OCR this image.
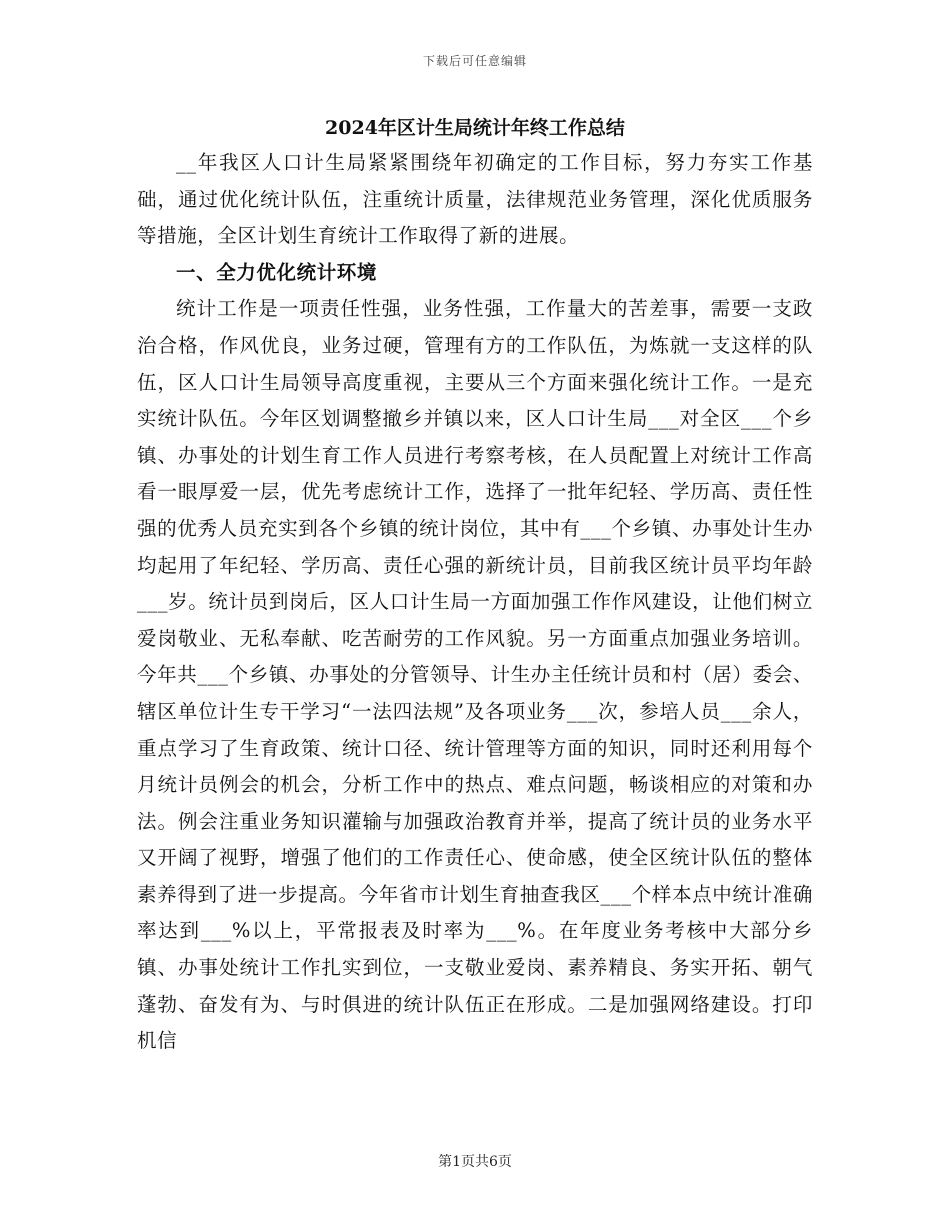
下载后可任意编辑
2024年区计生局统计年终工作总结

__年我区人口计生局紧紧围绕年初确定的工作目标，努力夯实工作基础，通过优化统计队伍，注重统计质量，法律规范业务管理，深化优质服务等措施，全区计划生育统计工作取得了新的进展。

一、全力优化统计环境

统计工作是一项责任性强，业务性强，工作量大的苦差事，需要一支政治合格，作风优良，业务过硬，管理有方的工作队伍，为炼就一支这样的队伍，区人口计生局领导高度重视，主要从三个方面来强化统计工作。一是充实统计队伍。今年区划调整撤乡并镇以来，区人口计生局___对全区___个乡镇、办事处的计划生育工作人员进行考察考核，在人员配置上对统计工作高看一眼厚爱一层，优先考虑统计工作，选择了一批年纪轻、学历高、责任性强的优秀人员充实到各个乡镇的统计岗位，其中有___个乡镇、办事处计生办均起用了年纪轻、学历高、责任心强的新统计员，目前我区统计员平均年龄___岁。统计员到岗后，区人口计生局一方面加强工作作风建设，让他们树立爱岗敬业、无私奉献、吃苦耐劳的工作风貌。另一方面重点加强业务培训。今年共___个乡镇、办事处的分管领导、计生办主任统计员和村（居）委会、辖区单位计生专干学习“一法四法规”及各项业务___次，参培人员___余人，重点学习了生育政策、统计口径、统计管理等方面的知识，同时还利用每个月统计员例会的机会，分析工作中的热点、难点问题，畅谈相应的对策和办法。例会注重业务知识灌输与加强政治教育并举，提高了统计员的业务水平又开阔了视野，增强了他们的工作责任心、使命感，使全区统计队伍的整体素养得到了进一步提高。今年省市计划生育抽查我区___个样本点中统计准确率达到___%以上，平常报表及时率为___%。在年度业务考核中大部分乡镇、办事处统计工作扎实到位，一支敬业爱岗、素养精良、务实开拓、朝气蓬勃、奋发有为、与时俱进的统计队伍正在形成。二是加强网络建设。打印机信

第1页共6页
